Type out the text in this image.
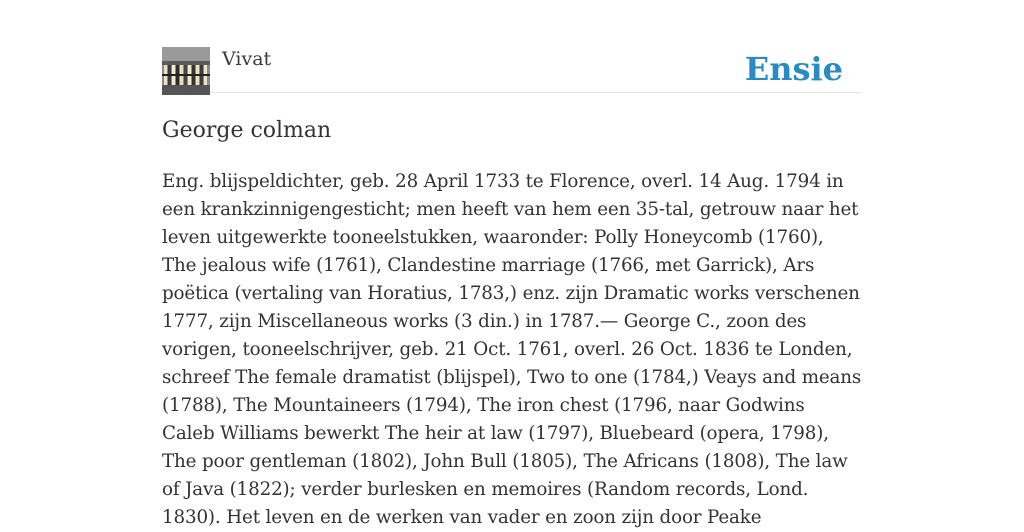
Vivat	Ensie
George colman

Eng. blijspeldichter, geb. 28 April 1733 te Florence, overl. 14 Aug. 1794 in een krankzinnigengesticht; men heeft van hem een 35-tal, getrouw naar het leven uitgewerkte tooneelstukken, waaronder: Polly Honeycomb (1760), The jealous wife (1761), Clandestine marriage (1766, met Garrick), Ars poëtica (vertaling van Horatius, 1783,) enz. zijn Dramatic works verschenen 1777, zijn Miscellaneous works (3 din.) in 1787.— George C., zoon des vorigen, tooneelschrijver, geb. 21 Oct. 1761, overl. 26 Oct. 1836 te Londen, schreef The female dramatist (blijspel), Two to one (1784,) Veays and means (1788), The Mountaineers (1794), The iron chest (1796, naar Godwins Caleb Williams bewerkt The heir at law (1797), Bluebeard (opera, 1798), The poor gentleman (1802), John Bull (1805), The Africans (1808), The law of Java (1822); verder burlesken en memoires (Random records, Lond. 1830). Het leven en de werken van vader en zoon zijn door Peake
